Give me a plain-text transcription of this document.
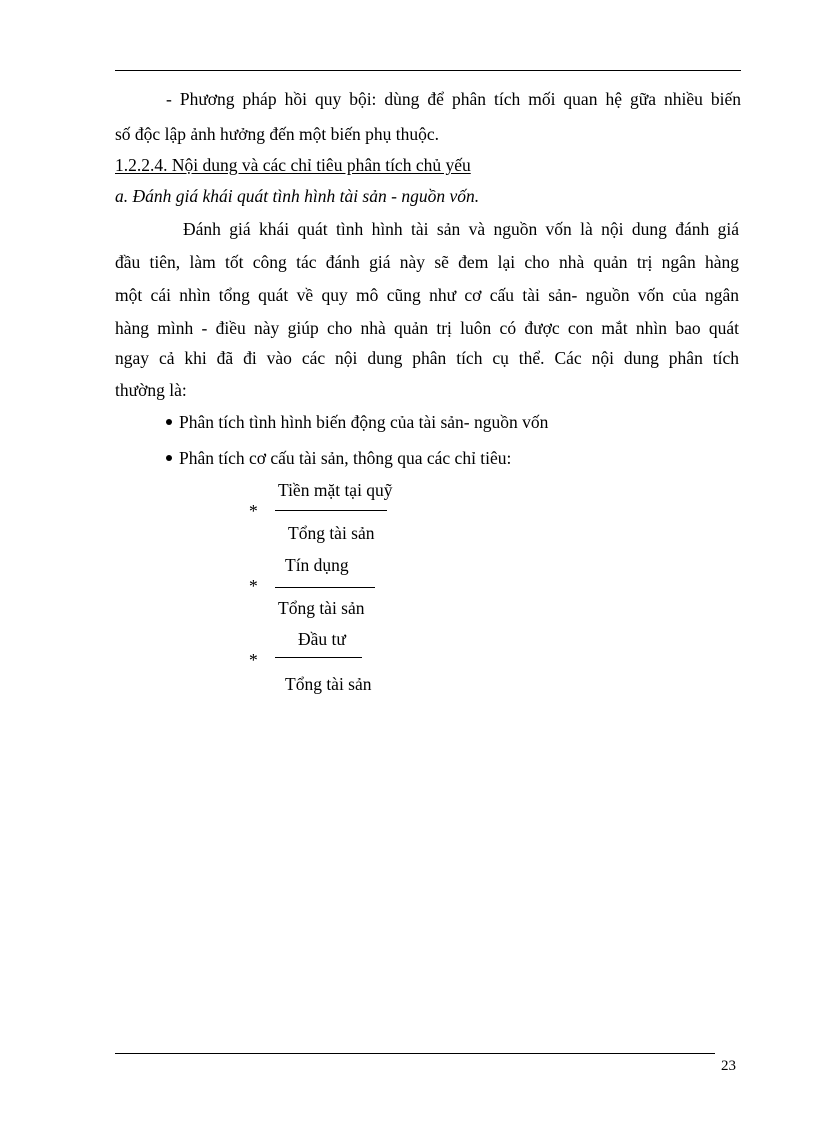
- Phương pháp hồi quy bội: dùng để phân tích mối quan hệ gữa nhiều biến
số độc lập ảnh hưởng đến một biến phụ thuộc.
1.2.2.4. Nội dung và các chỉ tiêu phân tích chủ yếu
a. Đánh giá khái quát tình hình tài sản - nguồn vốn.
Đánh giá khái quát tình hình tài sản và nguồn vốn là nội dung đánh giá
đầu tiên, làm tốt công tác đánh giá này sẽ đem lại cho nhà quản trị ngân hàng
một cái nhìn tổng quát về quy mô cũng như cơ cấu tài sản- nguồn vốn của ngân
hàng mình - điều này giúp cho nhà quản trị luôn có được con mắt nhìn bao quát
ngay cả khi đã đi vào các nội dung phân tích cụ thể. Các nội dung phân tích
thường là:
Phân tích tình hình biến động của tài sản- nguồn vốn
Phân tích cơ cấu tài sản, thông qua các chỉ tiêu:
Tiền mặt tại quỹ
*
Tổng tài sản
Tín dụng
*
Tổng tài sản
Đầu tư
*
Tổng tài sản
23
